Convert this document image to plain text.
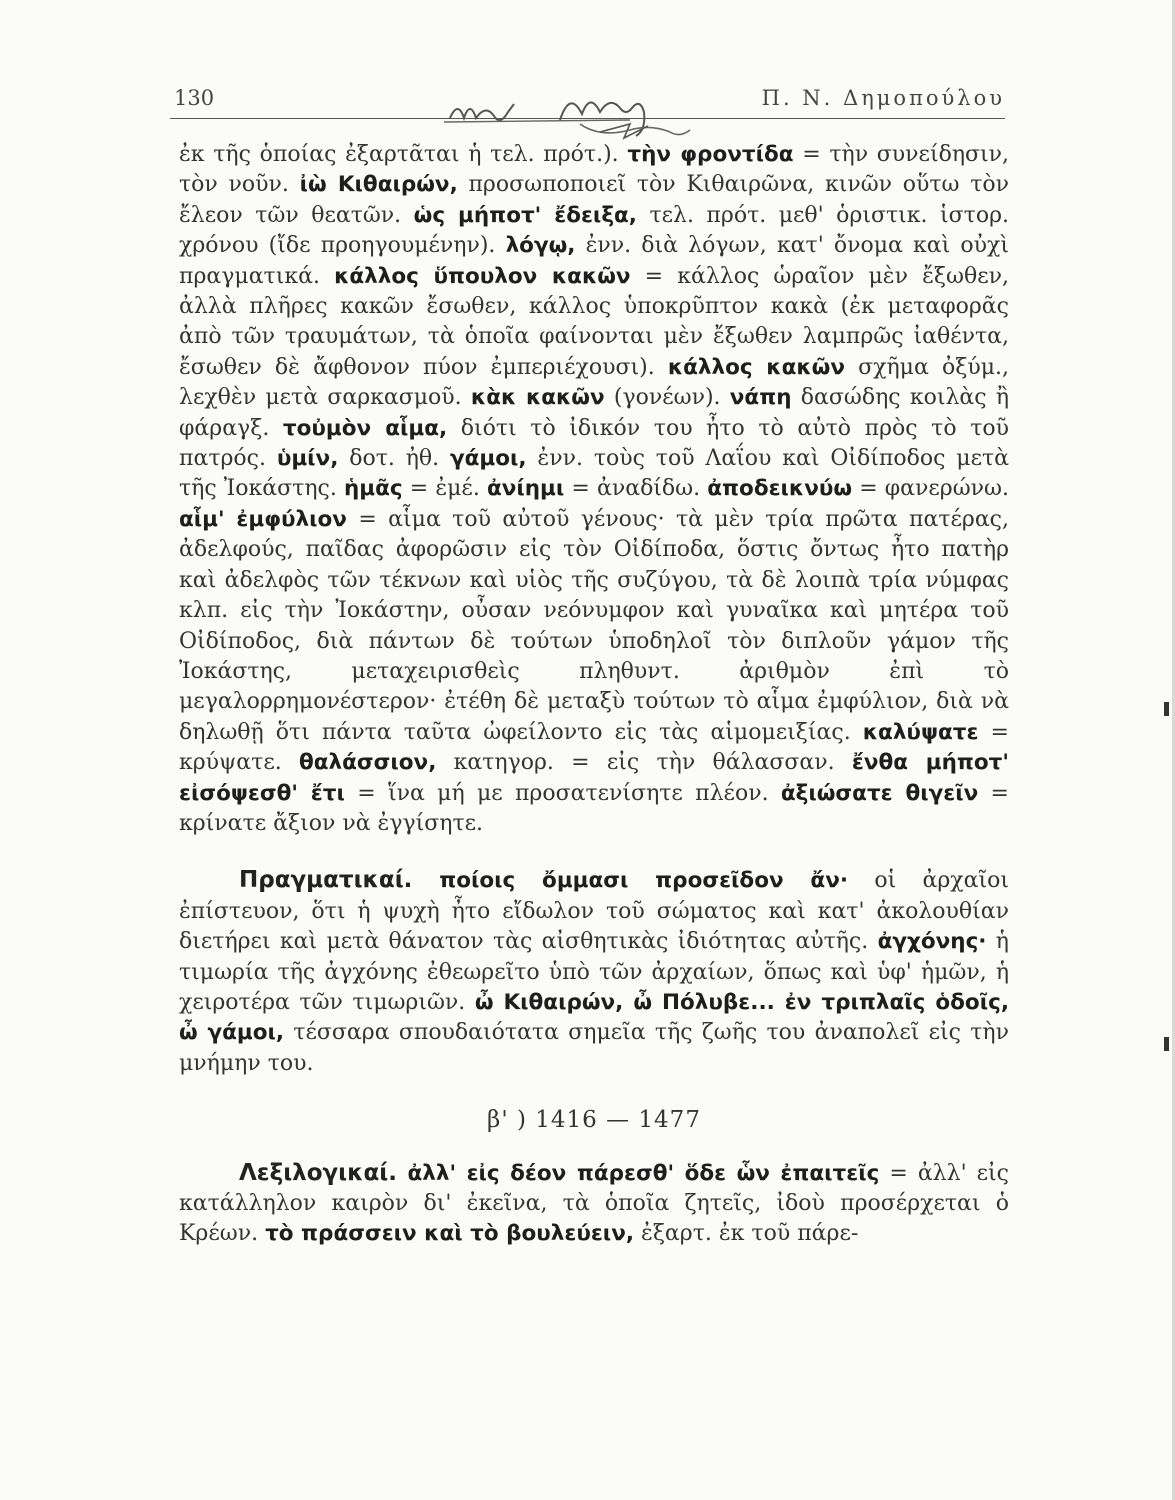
130	Π. Ν. Δημοπούλου

ἐκ τῆς ὁποίας ἐξαρτᾶται ἡ τελ. πρότ.). τὴν φροντίδα = τὴν συνείδησιν, τὸν νοῦν. ἰὼ Κιθαιρών, προσωποποιεῖ τὸν Κιθαιρῶνα, κινῶν οὕτω τὸν ἔλεον τῶν θεατῶν. ὡς μήποτ' ἔδειξα, τελ. πρότ. μεθ' ὁριστικ. ἱστορ. χρόνου (ἴδε προηγουμένην). λόγῳ, ἐνν. διὰ λόγων, κατ' ὄνομα καὶ οὐχὶ πραγματικά. κάλλος ὕπουλον κακῶν = κάλλος ὡραῖον μὲν ἔξωθεν, ἀλλὰ πλῆρες κακῶν ἔσωθεν, κάλλος ὑποκρῦπτον κακὰ (ἐκ μεταφορᾶς ἀπὸ τῶν τραυμάτων, τὰ ὁποῖα φαίνονται μὲν ἔξωθεν λαμπρῶς ἰαθέντα, ἔσωθεν δὲ ἄφθονον πύον ἐμπεριέχουσι). κάλλος κακῶν σχῆμα ὀξύμ., λεχθὲν μετὰ σαρκασμοῦ. κὰκ κακῶν (γονέων). νάπη δασώδης κοιλὰς ἢ φάραγξ. τοὐμὸν αἷμα, διότι τὸ ἰδικόν του ἦτο τὸ αὐτὸ πρὸς τὸ τοῦ πατρός. ὑμίν, δοτ. ἠθ. γάμοι, ἐνν. τοὺς τοῦ Λαΐου καὶ Οἰδίποδος μετὰ τῆς Ἰοκάστης. ἡμᾶς = ἐμέ. ἀνίημι = ἀναδίδω. ἀποδεικνύω = φανερώνω. αἷμ' ἐμφύλιον = αἷμα τοῦ αὐτοῦ γένους· τὰ μὲν τρία πρῶτα πατέρας, ἀδελφούς, παῖδας ἀφορῶσιν εἰς τὸν Οἰδίποδα, ὅστις ὄντως ἦτο πατὴρ καὶ ἀδελφὸς τῶν τέκνων καὶ υἱὸς τῆς συζύγου, τὰ δὲ λοιπὰ τρία νύμφας κλπ. εἰς τὴν Ἰοκάστην, οὖσαν νεόνυμφον καὶ γυναῖκα καὶ μητέρα τοῦ Οἰδίποδος, διὰ πάντων δὲ τούτων ὑποδηλοῖ τὸν διπλοῦν γάμον τῆς Ἰοκάστης, μεταχειρισθεὶς πληθυντ. ἀριθμὸν ἐπὶ τὸ μεγαλορρημονέστερον· ἐτέθη δὲ μεταξὺ τούτων τὸ αἷμα ἐμφύλιον, διὰ νὰ δηλωθῇ ὅτι πάντα ταῦτα ὠφείλοντο εἰς τὰς αἱμομειξίας. καλύψατε = κρύψατε. θαλάσσιον, κατηγορ. = εἰς τὴν θάλασσαν. ἔνθα μήποτ' εἰσόψεσθ' ἔτι = ἵνα μή με προσατενίσητε πλέον. ἀξιώσατε θιγεῖν = κρίνατε ἄξιον νὰ ἐγγίσητε.

Πραγματικαί. ποίοις ὄμμασι προσεῖδον ἄν· οἱ ἀρχαῖοι ἐπίστευον, ὅτι ἡ ψυχὴ ἦτο εἴδωλον τοῦ σώματος καὶ κατ' ἀκολουθίαν διετήρει καὶ μετὰ θάνατον τὰς αἰσθητικὰς ἰδιότητας αὐτῆς. ἀγχόνης· ἡ τιμωρία τῆς ἀγχόνης ἐθεωρεῖτο ὑπὸ τῶν ἀρχαίων, ὅπως καὶ ὑφ' ἡμῶν, ἡ χειροτέρα τῶν τιμωριῶν. ὦ Κιθαιρών, ὦ Πόλυβε... ἐν τριπλαῖς ὁδοῖς, ὦ γάμοι, τέσσαρα σπουδαιότατα σημεῖα τῆς ζωῆς του ἀναπολεῖ εἰς τὴν μνήμην του.

β' ) 1416 — 1477

Λεξιλογικαί. ἀλλ' εἰς δέον πάρεσθ' ὅδε ὧν ἐπαιτεῖς = ἀλλ' εἰς κατάλληλον καιρὸν δι' ἐκεῖνα, τὰ ὁποῖα ζητεῖς, ἰδοὺ προσέρχεται ὁ Κρέων. τὸ πράσσειν καὶ τὸ βουλεύειν, ἐξαρτ. ἐκ τοῦ πάρε-
